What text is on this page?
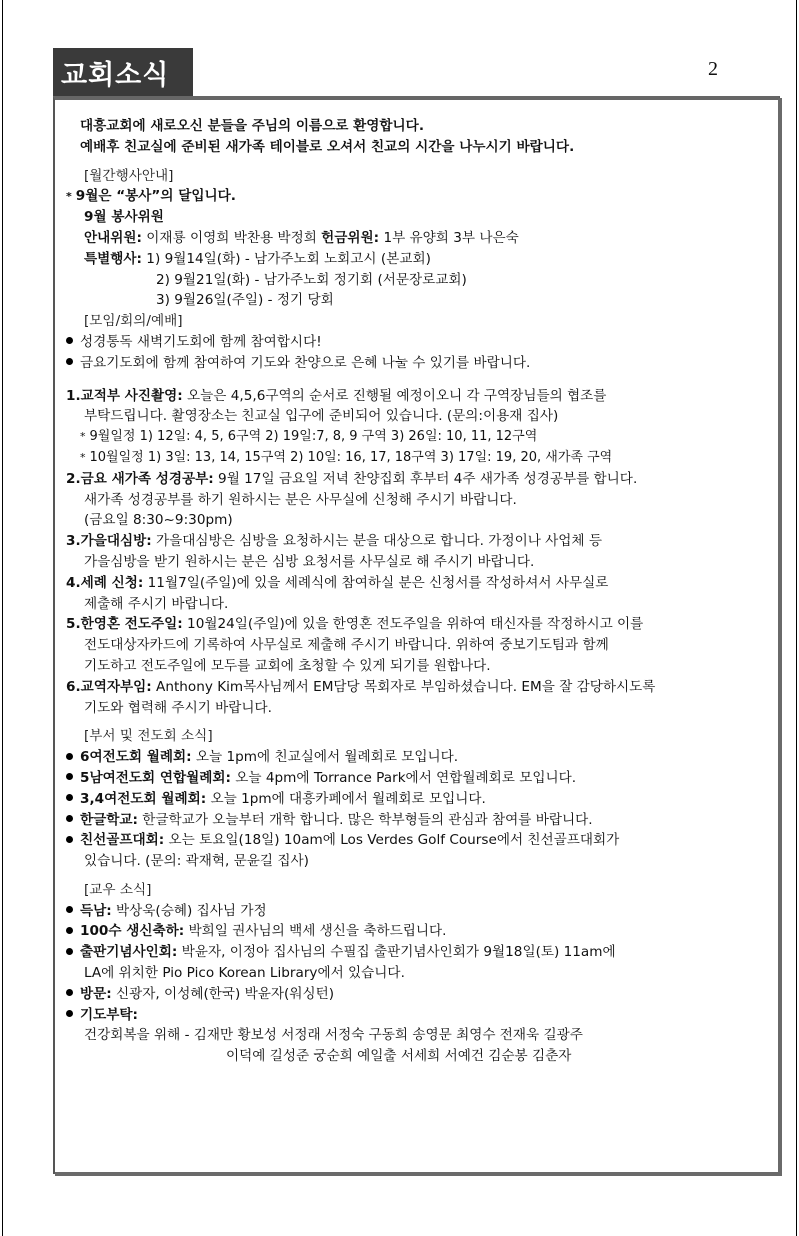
교회소식	2
대흥교회에 새로오신 분들을 주님의 이름으로 환영합니다.
예배후 친교실에 준비된 새가족 테이블로 오셔서 친교의 시간을 나누시기 바랍니다.
[월간행사안내]
* 9월은 “봉사”의 달입니다.
9월 봉사위원
안내위원: 이재룡 이영희 박찬용 박정희 헌금위원: 1부 유양희 3부 나은숙
특별행사: 1) 9월14일(화) - 남가주노회 노회고시 (본교회)
2) 9월21일(화) - 남가주노회 정기회 (서문장로교회)
3) 9월26일(주일) - 정기 당회
[모임/회의/예배]
성경통독 새벽기도회에 함께 참여합시다!
금요기도회에 함께 참여하여 기도와 찬양으로 은혜 나눌 수 있기를 바랍니다.
1.교적부 사진촬영: 오늘은 4,5,6구역의 순서로 진행될 예정이오니 각 구역장님들의 협조를
부탁드립니다. 촬영장소는 친교실 입구에 준비되어 있습니다. (문의:이용재 집사)
* 9월일정 1) 12일: 4, 5, 6구역 2) 19일:7, 8, 9 구역 3) 26일: 10, 11, 12구역
* 10월일정 1) 3일: 13, 14, 15구역 2) 10일: 16, 17, 18구역 3) 17일: 19, 20, 새가족 구역
2.금요 새가족 성경공부: 9월 17일 금요일 저녁 찬양집회 후부터 4주 새가족 성경공부를 합니다.
새가족 성경공부를 하기 원하시는 분은 사무실에 신청해 주시기 바랍니다.
(금요일 8:30~9:30pm)
3.가을대심방: 가을대심방은 심방을 요청하시는 분을 대상으로 합니다. 가정이나 사업체 등
가을심방을 받기 원하시는 분은 심방 요청서를 사무실로 해 주시기 바랍니다.
4.세례 신청: 11월7일(주일)에 있을 세례식에 참여하실 분은 신청서를 작성하셔서 사무실로
제출해 주시기 바랍니다.
5.한영혼 전도주일: 10월24일(주일)에 있을 한영혼 전도주일을 위하여 태신자를 작정하시고 이를
전도대상자카드에 기록하여 사무실로 제출해 주시기 바랍니다. 위하여 중보기도팀과 함께
기도하고 전도주일에 모두를 교회에 초청할 수 있게 되기를 원합나다.
6.교역자부임: Anthony Kim목사님께서 EM담당 목회자로 부임하셨습니다. EM을 잘 감당하시도록
기도와 협력해 주시기 바랍니다.
[부서 및 전도회 소식]
6여전도회 월례회: 오늘 1pm에 친교실에서 월례회로 모입니다.
5남여전도회 연합월례회: 오늘 4pm에 Torrance Park에서 연합월례회로 모입니다.
3,4여전도회 월례회: 오늘 1pm에 대흥카페에서 월례회로 모입니다.
한글학교: 한글학교가 오늘부터 개학 합니다. 많은 학부형들의 관심과 참여를 바랍니다.
친선골프대회: 오는 토요일(18일) 10am에 Los Verdes Golf Course에서 친선골프대회가
있습니다. (문의: 곽재혁, 문윤길 집사)
[교우 소식]
득남: 박상욱(승혜) 집사님 가정
100수 생신축하: 박희일 권사님의 백세 생신을 축하드립니다.
출판기념사인회: 박윤자, 이정아 집사님의 수필집 출판기념사인회가 9월18일(토) 11am에
LA에 위치한 Pio Pico Korean Library에서 있습니다.
방문: 신광자, 이성혜(한국) 박윤자(워싱턴)
기도부탁:
건강회복을 위해 - 김재만 황보성 서정래 서정숙 구동희 송영문 최영수 전재욱 길광주
이덕예 길성준 궁순희 예일출 서세희 서예건 김순봉 김춘자
